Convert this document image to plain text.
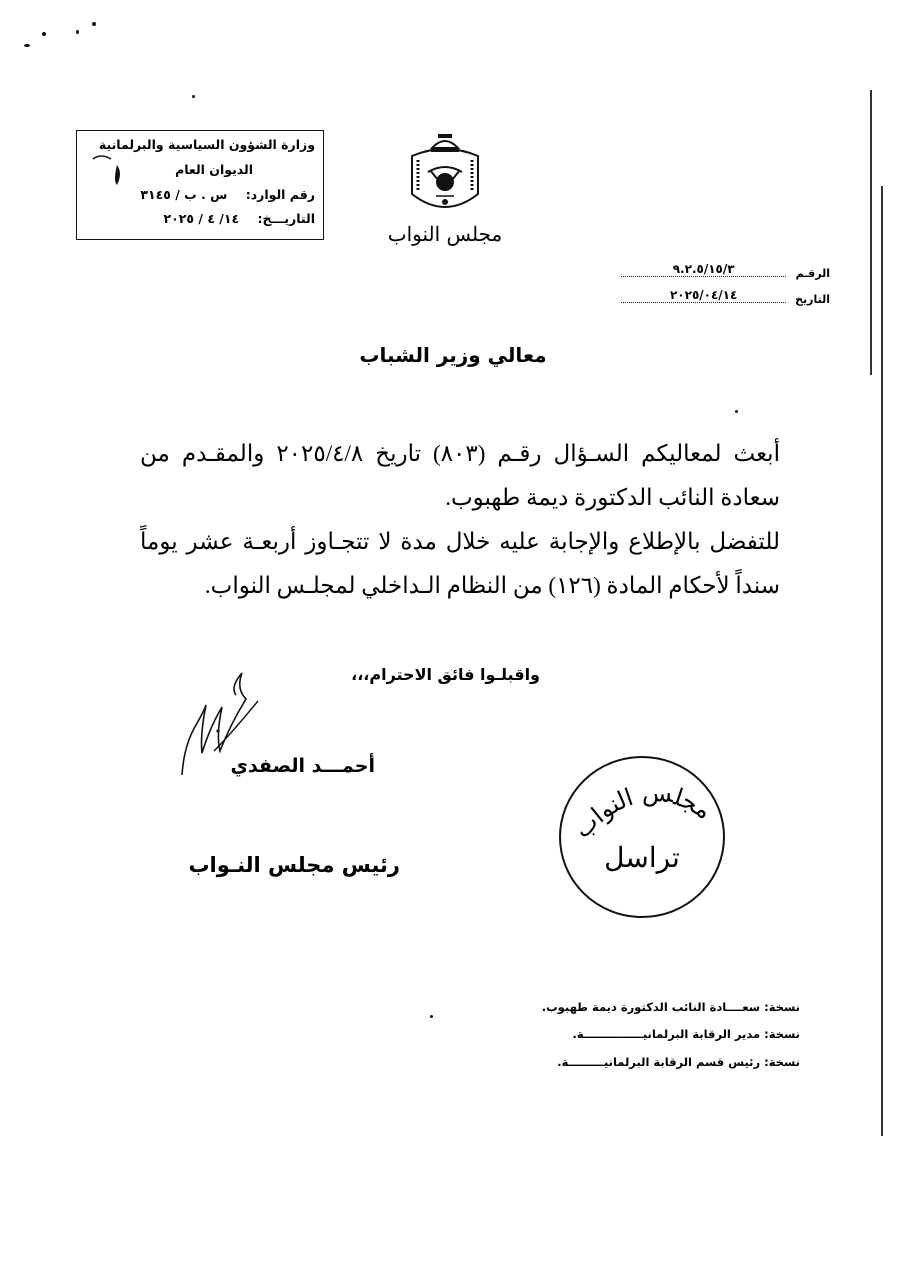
وزارة الشؤون السياسية والبرلمانية
الديوان العام
رقم الوارد: س . ب / ٣١٤٥
التاريـــخ: ١٤/ ٤ / ٢٠٢٥
مجلس النواب
الرقـم ٩.٢.٥/١٥/٣
التاريخ ٢٠٢٥/٠٤/١٤
معالي وزير الشباب
أبعث لمعاليكم السـؤال رقـم (٨٠٣) تاريخ ٢٠٢٥/٤/٨ والمقـدم من سعادة النائب الدكتورة ديمة طهبوب.
للتفضل بالإطلاع والإجابة عليه خلال مدة لا تتجـاوز أربعـة عشر يوماً سنداً لأحكام المادة (١٢٦) من النظام الـداخلي لمجلـس النواب.
واقبلـوا فائق الاحترام،،،
أحمـــد الصفدي
رئيس مجلس النـواب
مجلس النواب
تراسل
نسخة: سعــــادة النائب الدكتورة ديمة طهبوب.
نسخة: مدير الرقابة البرلمانيـــــــــــــــة.
نسخة: رئيس قسم الرقابة البرلمانيـــــــــة.
